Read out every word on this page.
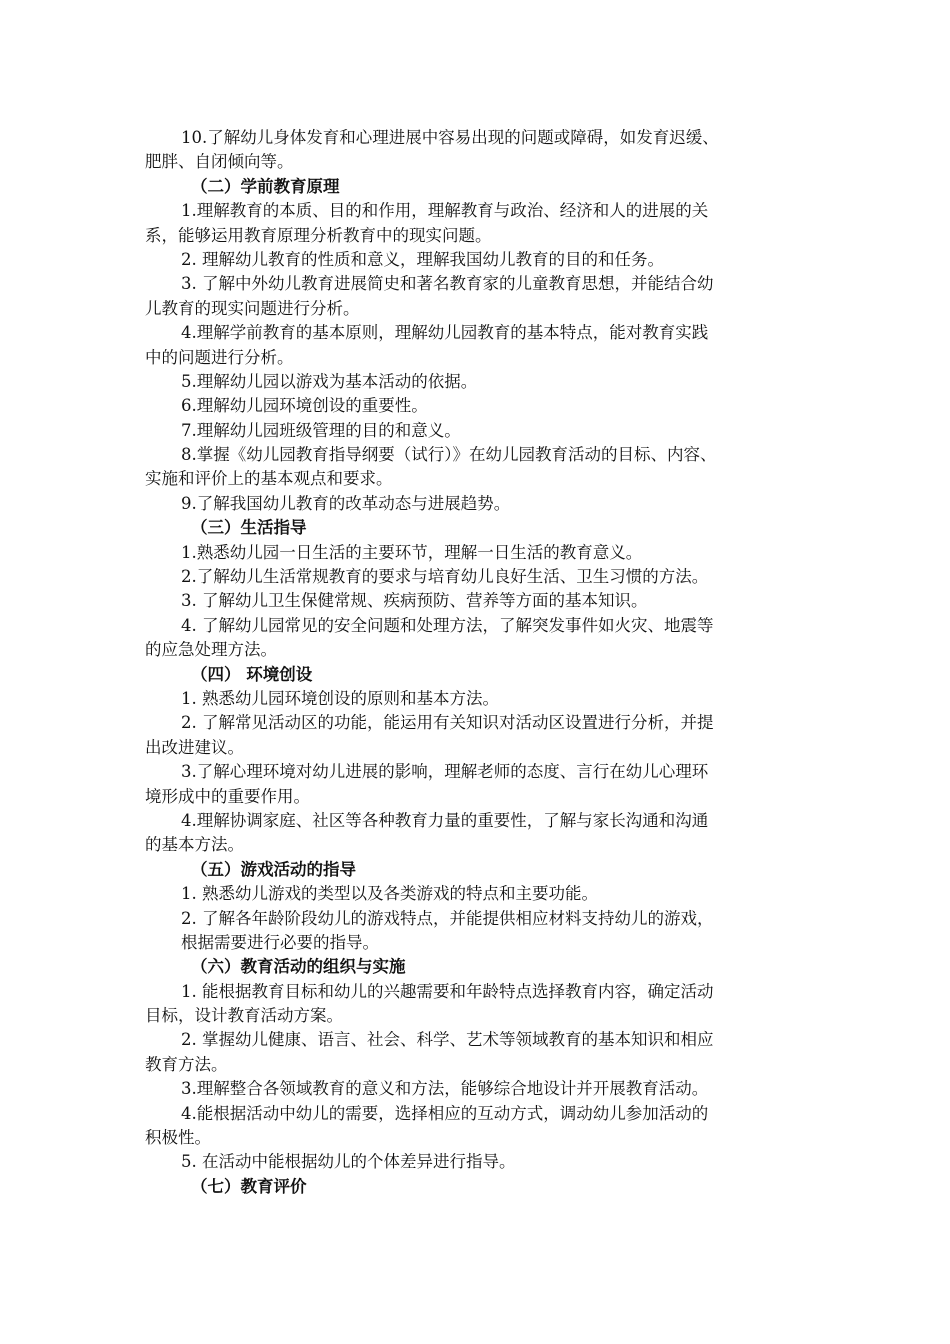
10.了解幼儿身体发育和心理进展中容易出现的问题或障碍，如发育迟缓、
肥胖、自闭倾向等。
（二）学前教育原理
1.理解教育的本质、目的和作用，理解教育与政治、经济和人的进展的关
系，能够运用教育原理分析教育中的现实问题。
2. 理解幼儿教育的性质和意义，理解我国幼儿教育的目的和任务。
3. 了解中外幼儿教育进展简史和著名教育家的儿童教育思想，并能结合幼
儿教育的现实问题进行分析。
4.理解学前教育的基本原则，理解幼儿园教育的基本特点，能对教育实践
中的问题进行分析。
5.理解幼儿园以游戏为基本活动的依据。
6.理解幼儿园环境创设的重要性。
7.理解幼儿园班级管理的目的和意义。
8.掌握《幼儿园教育指导纲要（试行）》在幼儿园教育活动的目标、内容、
实施和评价上的基本观点和要求。
9.了解我国幼儿教育的改革动态与进展趋势。
（三）生活指导
1.熟悉幼儿园一日生活的主要环节，理解一日生活的教育意义。
2.了解幼儿生活常规教育的要求与培育幼儿良好生活、卫生习惯的方法。
3. 了解幼儿卫生保健常规、疾病预防、营养等方面的基本知识。
4. 了解幼儿园常见的安全问题和处理方法，了解突发事件如火灾、地震等
的应急处理方法。
（四） 环境创设
1. 熟悉幼儿园环境创设的原则和基本方法。
2. 了解常见活动区的功能，能运用有关知识对活动区设置进行分析，并提
出改进建议。
3.了解心理环境对幼儿进展的影响，理解老师的态度、言行在幼儿心理环
境形成中的重要作用。
4.理解协调家庭、社区等各种教育力量的重要性，了解与家长沟通和沟通
的基本方法。
（五）游戏活动的指导
1. 熟悉幼儿游戏的类型以及各类游戏的特点和主要功能。
2. 了解各年龄阶段幼儿的游戏特点，并能提供相应材料支持幼儿的游戏，
根据需要进行必要的指导。
（六）教育活动的组织与实施
1. 能根据教育目标和幼儿的兴趣需要和年龄特点选择教育内容，确定活动
目标，设计教育活动方案。
2. 掌握幼儿健康、语言、社会、科学、艺术等领域教育的基本知识和相应
教育方法。
3.理解整合各领域教育的意义和方法，能够综合地设计并开展教育活动。
4.能根据活动中幼儿的需要，选择相应的互动方式，调动幼儿参加活动的
积极性。
5. 在活动中能根据幼儿的个体差异进行指导。
（七）教育评价
